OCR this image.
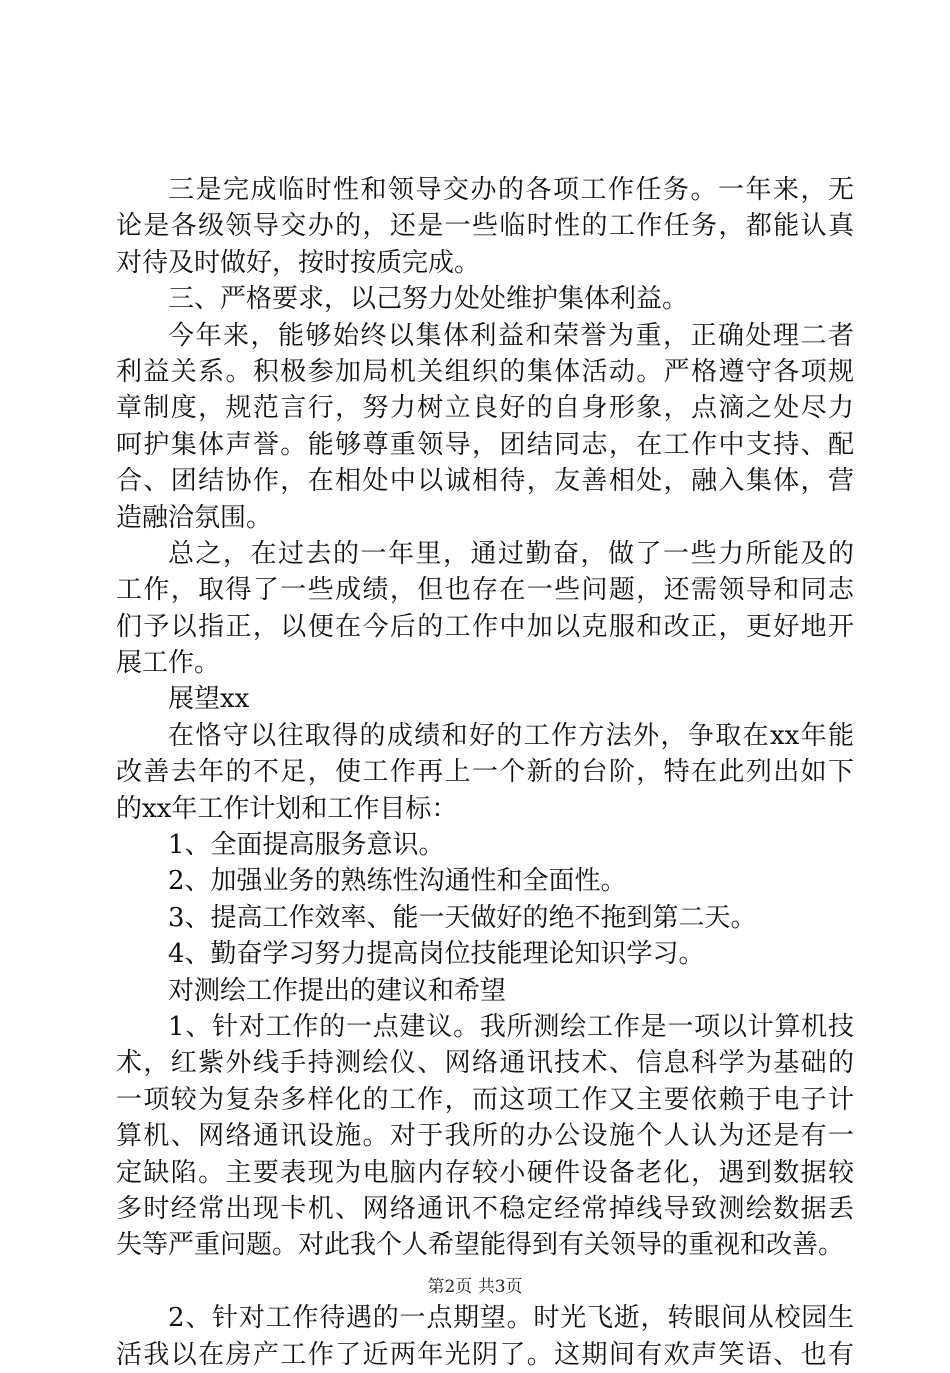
三是完成临时性和领导交办的各项工作任务。一年来，无
论是各级领导交办的，还是一些临时性的工作任务，都能认真
对待及时做好，按时按质完成。
三、严格要求，以己努力处处维护集体利益。
今年来，能够始终以集体利益和荣誉为重，正确处理二者
利益关系。积极参加局机关组织的集体活动。严格遵守各项规
章制度，规范言行，努力树立良好的自身形象，点滴之处尽力
呵护集体声誉。能够尊重领导，团结同志，在工作中支持、配
合、团结协作，在相处中以诚相待，友善相处，融入集体，营
造融洽氛围。
总之，在过去的一年里，通过勤奋，做了一些力所能及的
工作，取得了一些成绩，但也存在一些问题，还需领导和同志
们予以指正，以便在今后的工作中加以克服和改正，更好地开
展工作。
展望xx
在恪守以往取得的成绩和好的工作方法外，争取在xx年能
改善去年的不足，使工作再上一个新的台阶，特在此列出如下
的xx年工作计划和工作目标：
1、全面提高服务意识。
2、加强业务的熟练性沟通性和全面性。
3、提高工作效率、能一天做好的绝不拖到第二天。
4、勤奋学习努力提高岗位技能理论知识学习。
对测绘工作提出的建议和希望
1、针对工作的一点建议。我所测绘工作是一项以计算机技
术，红紫外线手持测绘仪、网络通讯技术、信息科学为基础的
一项较为复杂多样化的工作，而这项工作又主要依赖于电子计
算机、网络通讯设施。对于我所的办公设施个人认为还是有一
定缺陷。主要表现为电脑内存较小硬件设备老化，遇到数据较
多时经常出现卡机、网络通讯不稳定经常掉线导致测绘数据丢
失等严重问题。对此我个人希望能得到有关领导的重视和改善。
2、针对工作待遇的一点期望。时光飞逝，转眼间从校园生
活我以在房产工作了近两年光阴了。这期间有欢声笑语、也有
第2页 共3页
